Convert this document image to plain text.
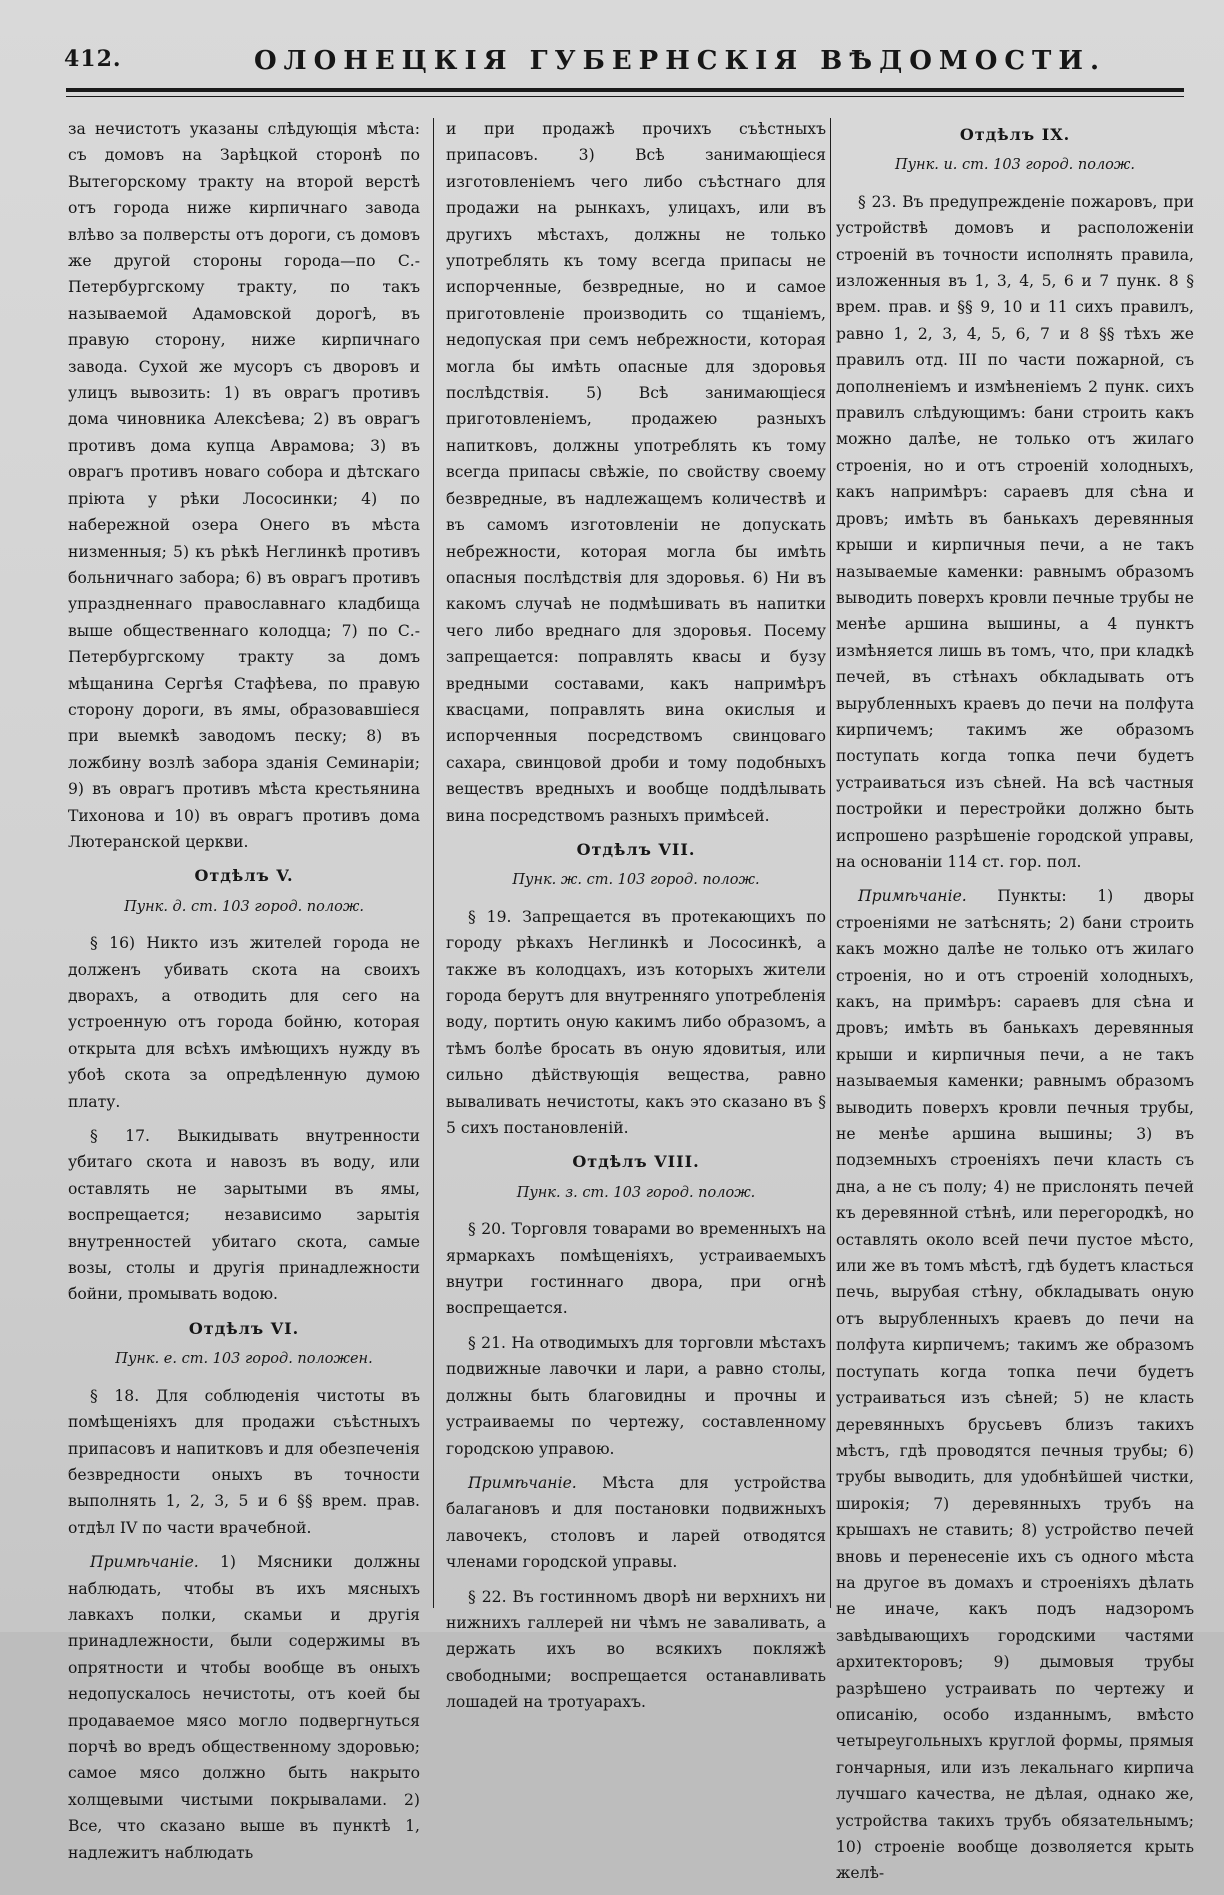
412.	ОЛОНЕЦКІЯ ГУБЕРНСКІЯ ВѢДОМОСТИ.

за нечистотъ указаны слѣдующія мѣста: съ домовъ на Зарѣцкой сторонѣ по Вытегорскому тракту на второй верстѣ отъ города ниже кирпичнаго завода влѣво за полверсты отъ дороги, съ домовъ же другой стороны города—по С.-Петербургскому тракту, по такъ называемой Адамовской дорогѣ, въ правую сторону, ниже кирпичнаго завода. Сухой же мусоръ съ дворовъ и улицъ вывозить: 1) въ оврагъ противъ дома чиновника Алексѣева; 2) въ оврагъ противъ дома купца Аврамова; 3) въ оврагъ противъ новаго собора и дѣтскаго пріюта у рѣки Лососинки; 4) по набережной озера Онего въ мѣста низменныя; 5) къ рѣкѣ Неглинкѣ противъ больничнаго забора; 6) въ оврагъ противъ упраздненнаго православнаго кладбища выше общественнаго колодца; 7) по С.-Петербургскому тракту за домъ мѣщанина Сергѣя Стафѣева, по правую сторону дороги, въ ямы, образовавшіеся при выемкѣ заводомъ песку; 8) въ ложбину возлѣ забора зданія Семинаріи; 9) въ оврагъ противъ мѣста крестьянина Тихонова и 10) въ оврагъ противъ дома Лютеранской церкви.

Отдѣлъ V.
Пунк. д. ст. 103 город. полож.

§ 16) Никто изъ жителей города не долженъ убивать скота на своихъ дворахъ, а отводить для сего на устроенную отъ города бойню, которая открыта для всѣхъ имѣющихъ нужду въ убоѣ скота за опредѣленную думою плату.

§ 17. Выкидывать внутренности убитаго скота и навозъ въ воду, или оставлять не зарытыми въ ямы, воспрещается; независимо зарытія внутренностей убитаго скота, самые возы, столы и другія принадлежности бойни, промывать водою.

Отдѣлъ VI.
Пунк. е. ст. 103 город. положен.

§ 18. Для соблюденія чистоты въ помѣщеніяхъ для продажи съѣстныхъ припасовъ и напитковъ и для обезпеченія безвредности оныхъ въ точности выполнять 1, 2, 3, 5 и 6 §§ врем. прав. отдѣл IV по части врачебной.

Примѣчаніе. 1) Мясники должны наблюдать, чтобы въ ихъ мясныхъ лавкахъ полки, скамьи и другія принадлежности, были содержимы въ опрятности и чтобы вообще въ оныхъ недопускалось нечистоты, отъ коей бы продаваемое мясо могло подвергнуться порчѣ во вредъ общественному здоровью; самое мясо должно быть накрыто холщевыми чистыми покрывалами. 2) Все, что сказано выше въ пунктѣ 1, надлежитъ наблюдать

и при продажѣ прочихъ съѣстныхъ припасовъ. 3) Всѣ занимающіеся изготовленіемъ чего либо съѣстнаго для продажи на рынкахъ, улицахъ, или въ другихъ мѣстахъ, должны не только употреблять къ тому всегда припасы не испорченные, безвредные, но и самое приготовленіе производить со тщаніемъ, недопуская при семъ небрежности, которая могла бы имѣть опасные для здоровья послѣдствія. 5) Всѣ занимающіеся приготовленіемъ, продажею разныхъ напитковъ, должны употреблять къ тому всегда припасы свѣжіе, по свойству своему безвредные, въ надлежащемъ количествѣ и въ самомъ изготовленіи не допускать небрежности, которая могла бы имѣть опасныя послѣдствія для здоровья. 6) Ни въ какомъ случаѣ не подмѣшивать въ напитки чего либо вреднаго для здоровья. Посему запрещается: поправлять квасы и бузу вредными составами, какъ напримѣръ квасцами, поправлять вина окислыя и испорченныя посредствомъ свинцоваго сахара, свинцовой дроби и тому подобныхъ веществъ вредныхъ и вообще поддѣлывать вина посредствомъ разныхъ примѣсей.

Отдѣлъ VII.
Пунк. ж. ст. 103 город. полож.

§ 19. Запрещается въ протекающихъ по городу рѣкахъ Неглинкѣ и Лососинкѣ, а также въ колодцахъ, изъ которыхъ жители города берутъ для внутренняго употребленія воду, портить оную какимъ либо образомъ, а тѣмъ болѣе бросать въ оную ядовитыя, или сильно дѣйствующія вещества, равно вываливать нечистоты, какъ это сказано въ § 5 сихъ постановленій.

Отдѣлъ VIII.
Пунк. з. ст. 103 город. полож.

§ 20. Торговля товарами во временныхъ на ярмаркахъ помѣщеніяхъ, устраиваемыхъ внутри гостиннаго двора, при огнѣ воспрещается.

§ 21. На отводимыхъ для торговли мѣстахъ подвижные лавочки и лари, а равно столы, должны быть благовидны и прочны и устраиваемы по чертежу, составленному городскою управою.

Примѣчаніе. Мѣста для устройства балагановъ и для постановки подвижныхъ лавочекъ, столовъ и ларей отводятся членами городской управы.

§ 22. Въ гостинномъ дворѣ ни верхнихъ ни нижнихъ галлерей ни чѣмъ не заваливать, а держать ихъ во всякихъ покляжѣ свободными; воспрещается останавливать лошадей на тротуарахъ.

Отдѣлъ IX.
Пунк. и. ст. 103 город. полож.

§ 23. Въ предупрежденіе пожаровъ, при устройствѣ домовъ и расположеніи строеній въ точности исполнять правила, изложенныя въ 1, 3, 4, 5, 6 и 7 пунк. 8 § врем. прав. и §§ 9, 10 и 11 сихъ правилъ, равно 1, 2, 3, 4, 5, 6, 7 и 8 §§ тѣхъ же правилъ отд. III по части пожарной, съ дополненіемъ и измѣненіемъ 2 пунк. сихъ правилъ слѣдующимъ: бани строить какъ можно далѣе, не только отъ жилаго строенія, но и отъ строеній холодныхъ, какъ напримѣръ: сараевъ для сѣна и дровъ; имѣть въ банькахъ деревянныя крыши и кирпичныя печи, а не такъ называемые каменки: равнымъ образомъ выводить поверхъ кровли печные трубы не менѣе аршина вышины, а 4 пунктъ измѣняется лишь въ томъ, что, при кладкѣ печей, въ стѣнахъ обкладывать отъ вырубленныхъ краевъ до печи на полфута кирпичемъ; такимъ же образомъ поступать когда топка печи будетъ устраиваться изъ сѣней. На всѣ частныя постройки и перестройки должно быть испрошено разрѣшеніе городской управы, на основаніи 114 ст. гор. пол.

Примѣчаніе. Пункты: 1) дворы строеніями не затѣснять; 2) бани строить какъ можно далѣе не только отъ жилаго строенія, но и отъ строеній холодныхъ, какъ, на примѣръ: сараевъ для сѣна и дровъ; имѣть въ банькахъ деревянныя крыши и кирпичныя печи, а не такъ называемыя каменки; равнымъ образомъ выводить поверхъ кровли печныя трубы, не менѣе аршина вышины; 3) въ подземныхъ строеніяхъ печи класть съ дна, а не съ полу; 4) не прислонять печей къ деревянной стѣнѣ, или перегородкѣ, но оставлять около всей печи пустое мѣсто, или же въ томъ мѣстѣ, гдѣ будетъ класться печь, вырубая стѣну, обкладывать оную отъ вырубленныхъ краевъ до печи на полфута кирпичемъ; такимъ же образомъ поступать когда топка печи будетъ устраиваться изъ сѣней; 5) не класть деревянныхъ брусьевъ близъ такихъ мѣстъ, гдѣ проводятся печныя трубы; 6) трубы выводить, для удобнѣйшей чистки, широкія; 7) деревянныхъ трубъ на крышахъ не ставить; 8) устройство печей вновь и перенесеніе ихъ съ одного мѣста на другое въ домахъ и строеніяхъ дѣлать не иначе, какъ подъ надзоромъ завѣдывающихъ городскими частями архитекторовъ; 9) дымовыя трубы разрѣшено устраивать по чертежу и описанію, особо изданнымъ, вмѣсто четыреугольныхъ круглой формы, прямыя гончарныя, или изъ лекальнаго кирпича лучшаго качества, не дѣлая, однако же, устройства такихъ трубъ обязательнымъ; 10) строеніе вообще дозволяется крыть желѣ-
